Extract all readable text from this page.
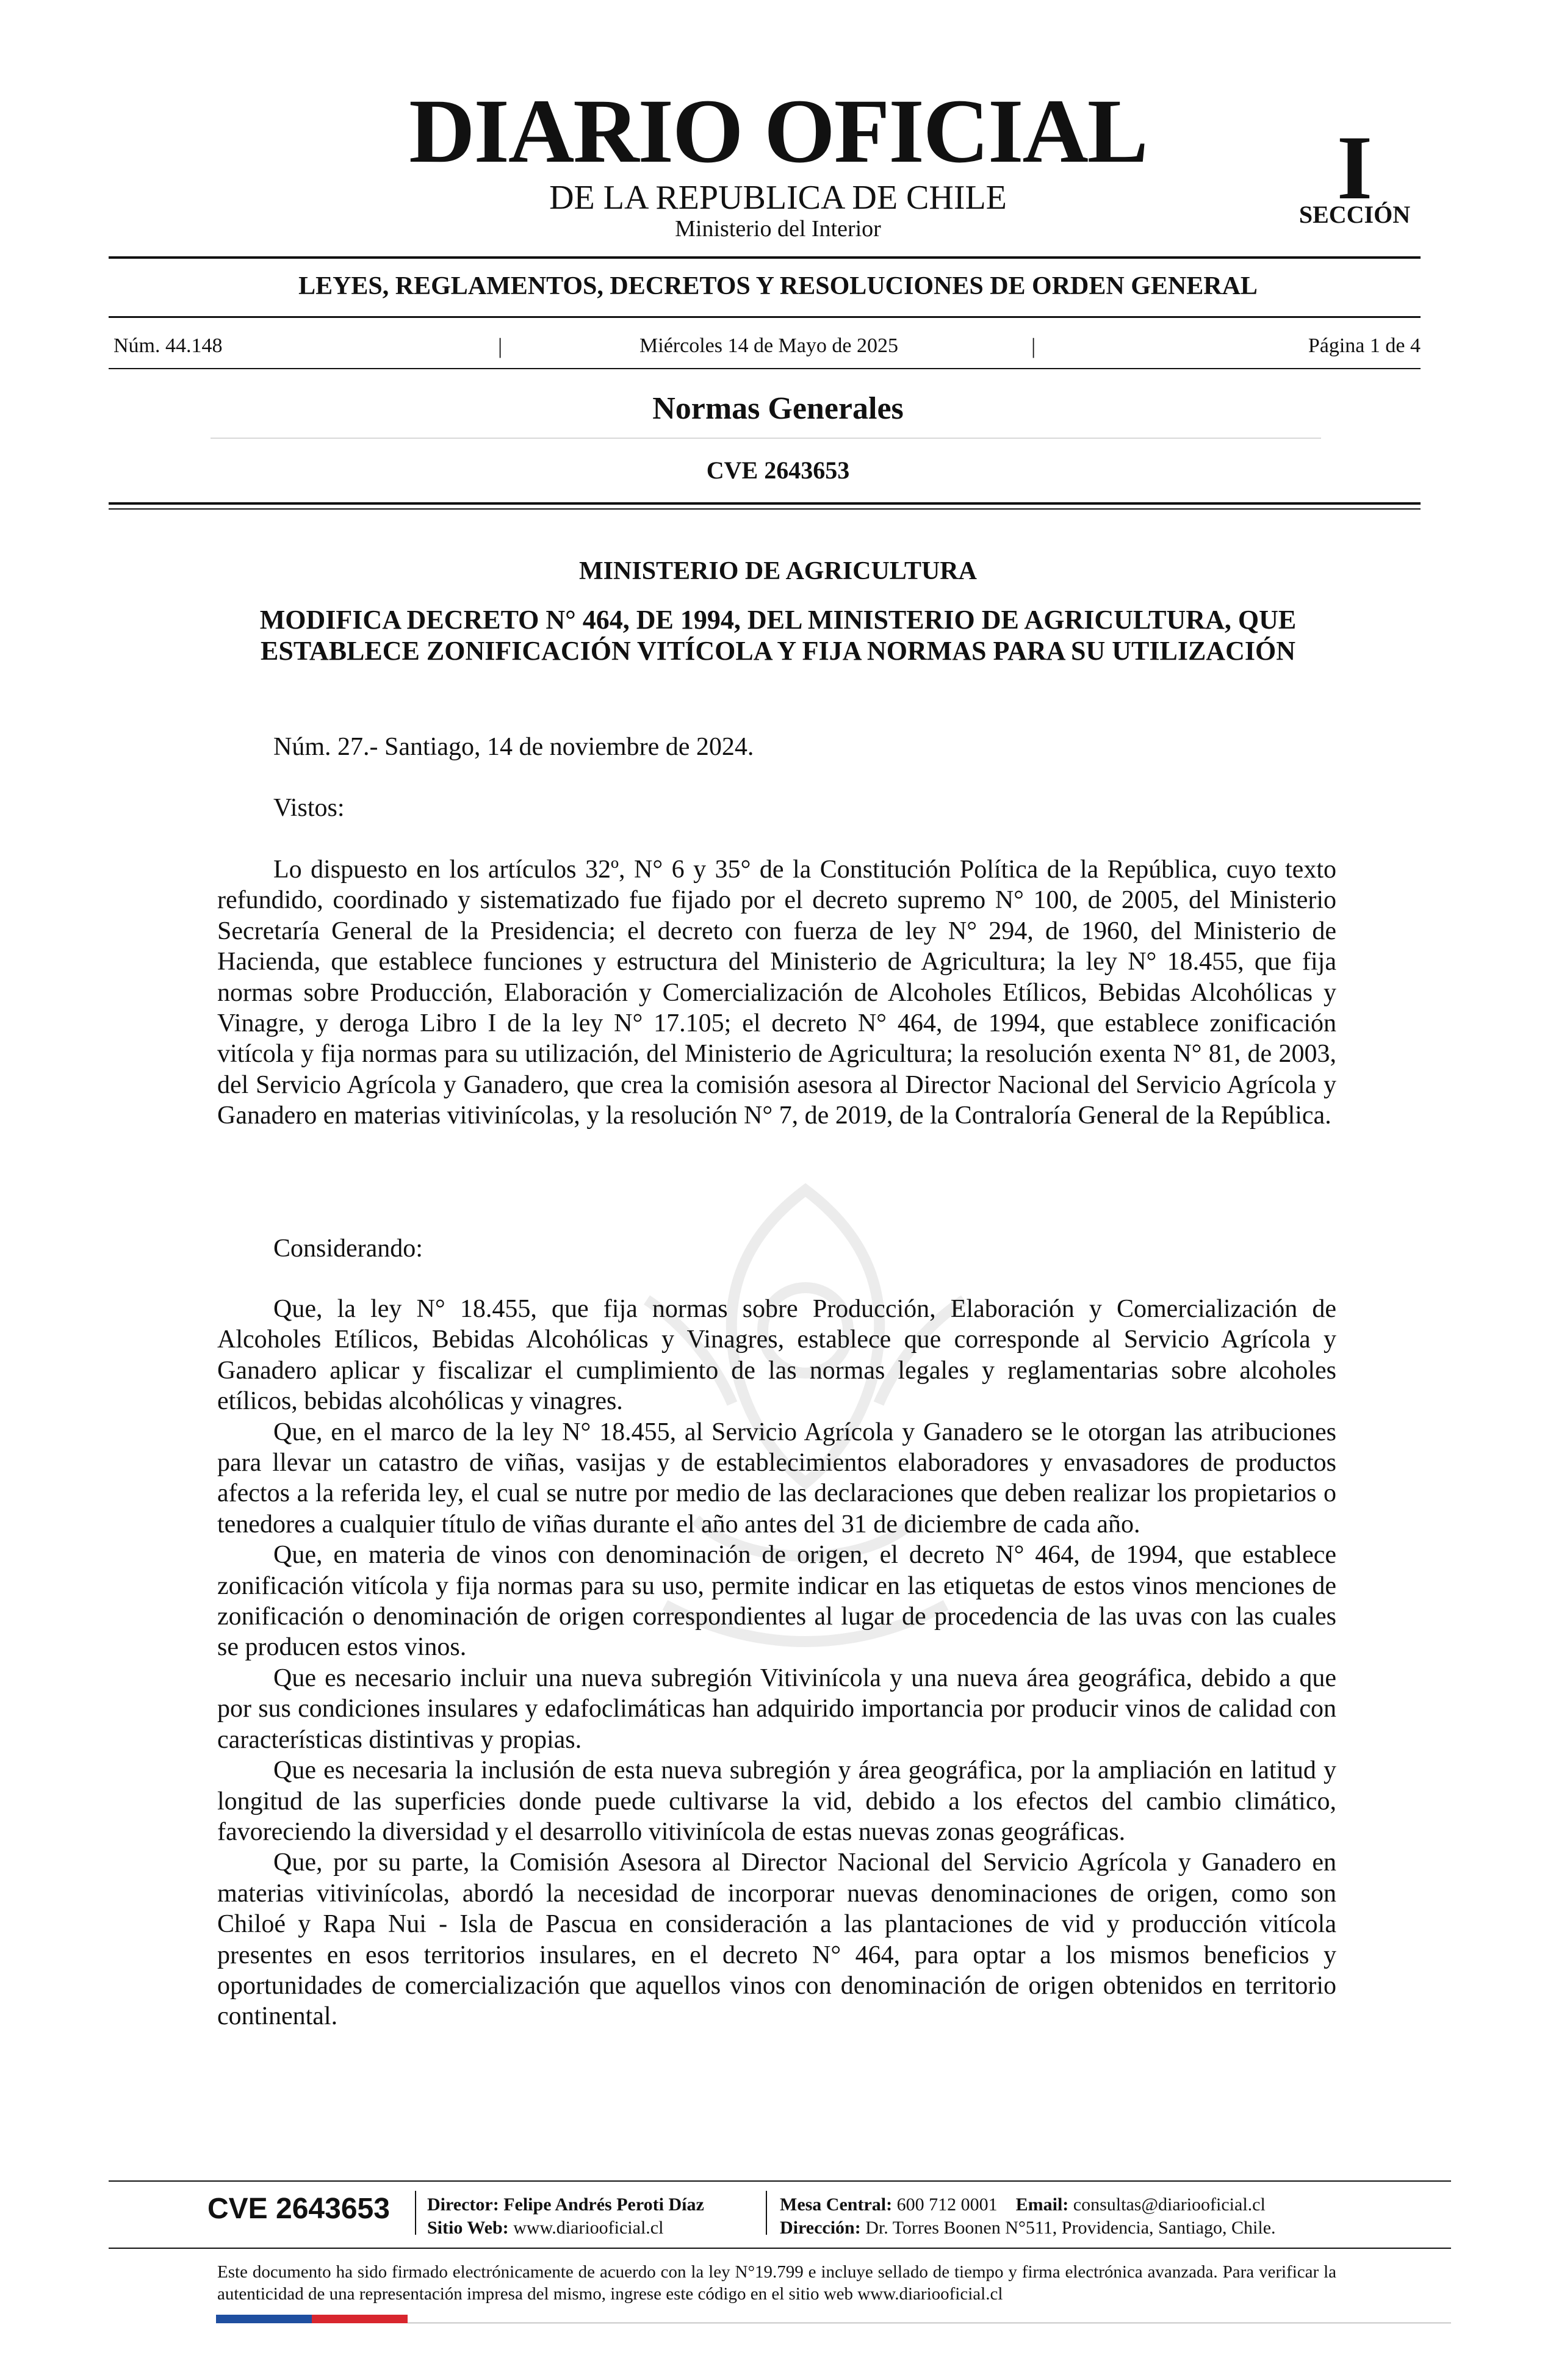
DIARIO OFICIAL
DE LA REPUBLICA DE CHILE
Ministerio del Interior
I
SECCIÓN
LEYES, REGLAMENTOS, DECRETOS Y RESOLUCIONES DE ORDEN GENERAL
Núm. 44.148	|	Miércoles 14 de Mayo de 2025	|	Página 1 de 4
Normas Generales
CVE 2643653
MINISTERIO DE AGRICULTURA
MODIFICA DECRETO N° 464, DE 1994, DEL MINISTERIO DE AGRICULTURA, QUE
ESTABLECE ZONIFICACIÓN VITÍCOLA Y FIJA NORMAS PARA SU UTILIZACIÓN
Núm. 27.- Santiago, 14 de noviembre de 2024.
Vistos:

Lo dispuesto en los artículos 32º, N° 6 y 35° de la Constitución Política de la República, cuyo texto refundido, coordinado y sistematizado fue fijado por el decreto supremo N° 100, de 2005, del Ministerio Secretaría General de la Presidencia; el decreto con fuerza de ley N° 294, de 1960, del Ministerio de Hacienda, que establece funciones y estructura del Ministerio de Agricultura; la ley N° 18.455, que fija normas sobre Producción, Elaboración y Comercialización de Alcoholes Etílicos, Bebidas Alcohólicas y Vinagre, y deroga Libro I de la ley N° 17.105; el decreto N° 464, de 1994, que establece zonificación vitícola y fija normas para su utilización, del Ministerio de Agricultura; la resolución exenta N° 81, de 2003, del Servicio Agrícola y Ganadero, que crea la comisión asesora al Director Nacional del Servicio Agrícola y Ganadero en materias vitivinícolas, y la resolución N° 7, de 2019, de la Contraloría General de la República.

Considerando:

Que, la ley N° 18.455, que fija normas sobre Producción, Elaboración y Comercialización de Alcoholes Etílicos, Bebidas Alcohólicas y Vinagres, establece que corresponde al Servicio Agrícola y Ganadero aplicar y fiscalizar el cumplimiento de las normas legales y reglamentarias sobre alcoholes etílicos, bebidas alcohólicas y vinagres.

Que, en el marco de la ley N° 18.455, al Servicio Agrícola y Ganadero se le otorgan las atribuciones para llevar un catastro de viñas, vasijas y de establecimientos elaboradores y envasadores de productos afectos a la referida ley, el cual se nutre por medio de las declaraciones que deben realizar los propietarios o tenedores a cualquier título de viñas durante el año antes del 31 de diciembre de cada año.

Que, en materia de vinos con denominación de origen, el decreto N° 464, de 1994, que establece zonificación vitícola y fija normas para su uso, permite indicar en las etiquetas de estos vinos menciones de zonificación o denominación de origen correspondientes al lugar de procedencia de las uvas con las cuales se producen estos vinos.

Que es necesario incluir una nueva subregión Vitivinícola y una nueva área geográfica, debido a que por sus condiciones insulares y edafoclimáticas han adquirido importancia por producir vinos de calidad con características distintivas y propias.

Que es necesaria la inclusión de esta nueva subregión y área geográfica, por la ampliación en latitud y longitud de las superficies donde puede cultivarse la vid, debido a los efectos del cambio climático, favoreciendo la diversidad y el desarrollo vitivinícola de estas nuevas zonas geográficas.

Que, por su parte, la Comisión Asesora al Director Nacional del Servicio Agrícola y Ganadero en materias vitivinícolas, abordó la necesidad de incorporar nuevas denominaciones de origen, como son Chiloé y Rapa Nui - Isla de Pascua en consideración a las plantaciones de vid y producción vitícola presentes en esos territorios insulares, en el decreto N° 464, para optar a los mismos beneficios y oportunidades de comercialización que aquellos vinos con denominación de origen obtenidos en territorio continental.

CVE 2643653 Director: Felipe Andrés Peroti Díaz
Sitio Web: www.diariooficial.cl
Mesa Central: 600 712 0001 Email: consultas@diariooficial.cl
Dirección: Dr. Torres Boonen N°511, Providencia, Santiago, Chile.
Este documento ha sido firmado electrónicamente de acuerdo con la ley N°19.799 e incluye sellado de tiempo y firma electrónica avanzada. Para verificar la autenticidad de una representación impresa del mismo, ingrese este código en el sitio web www.diariooficial.cl
